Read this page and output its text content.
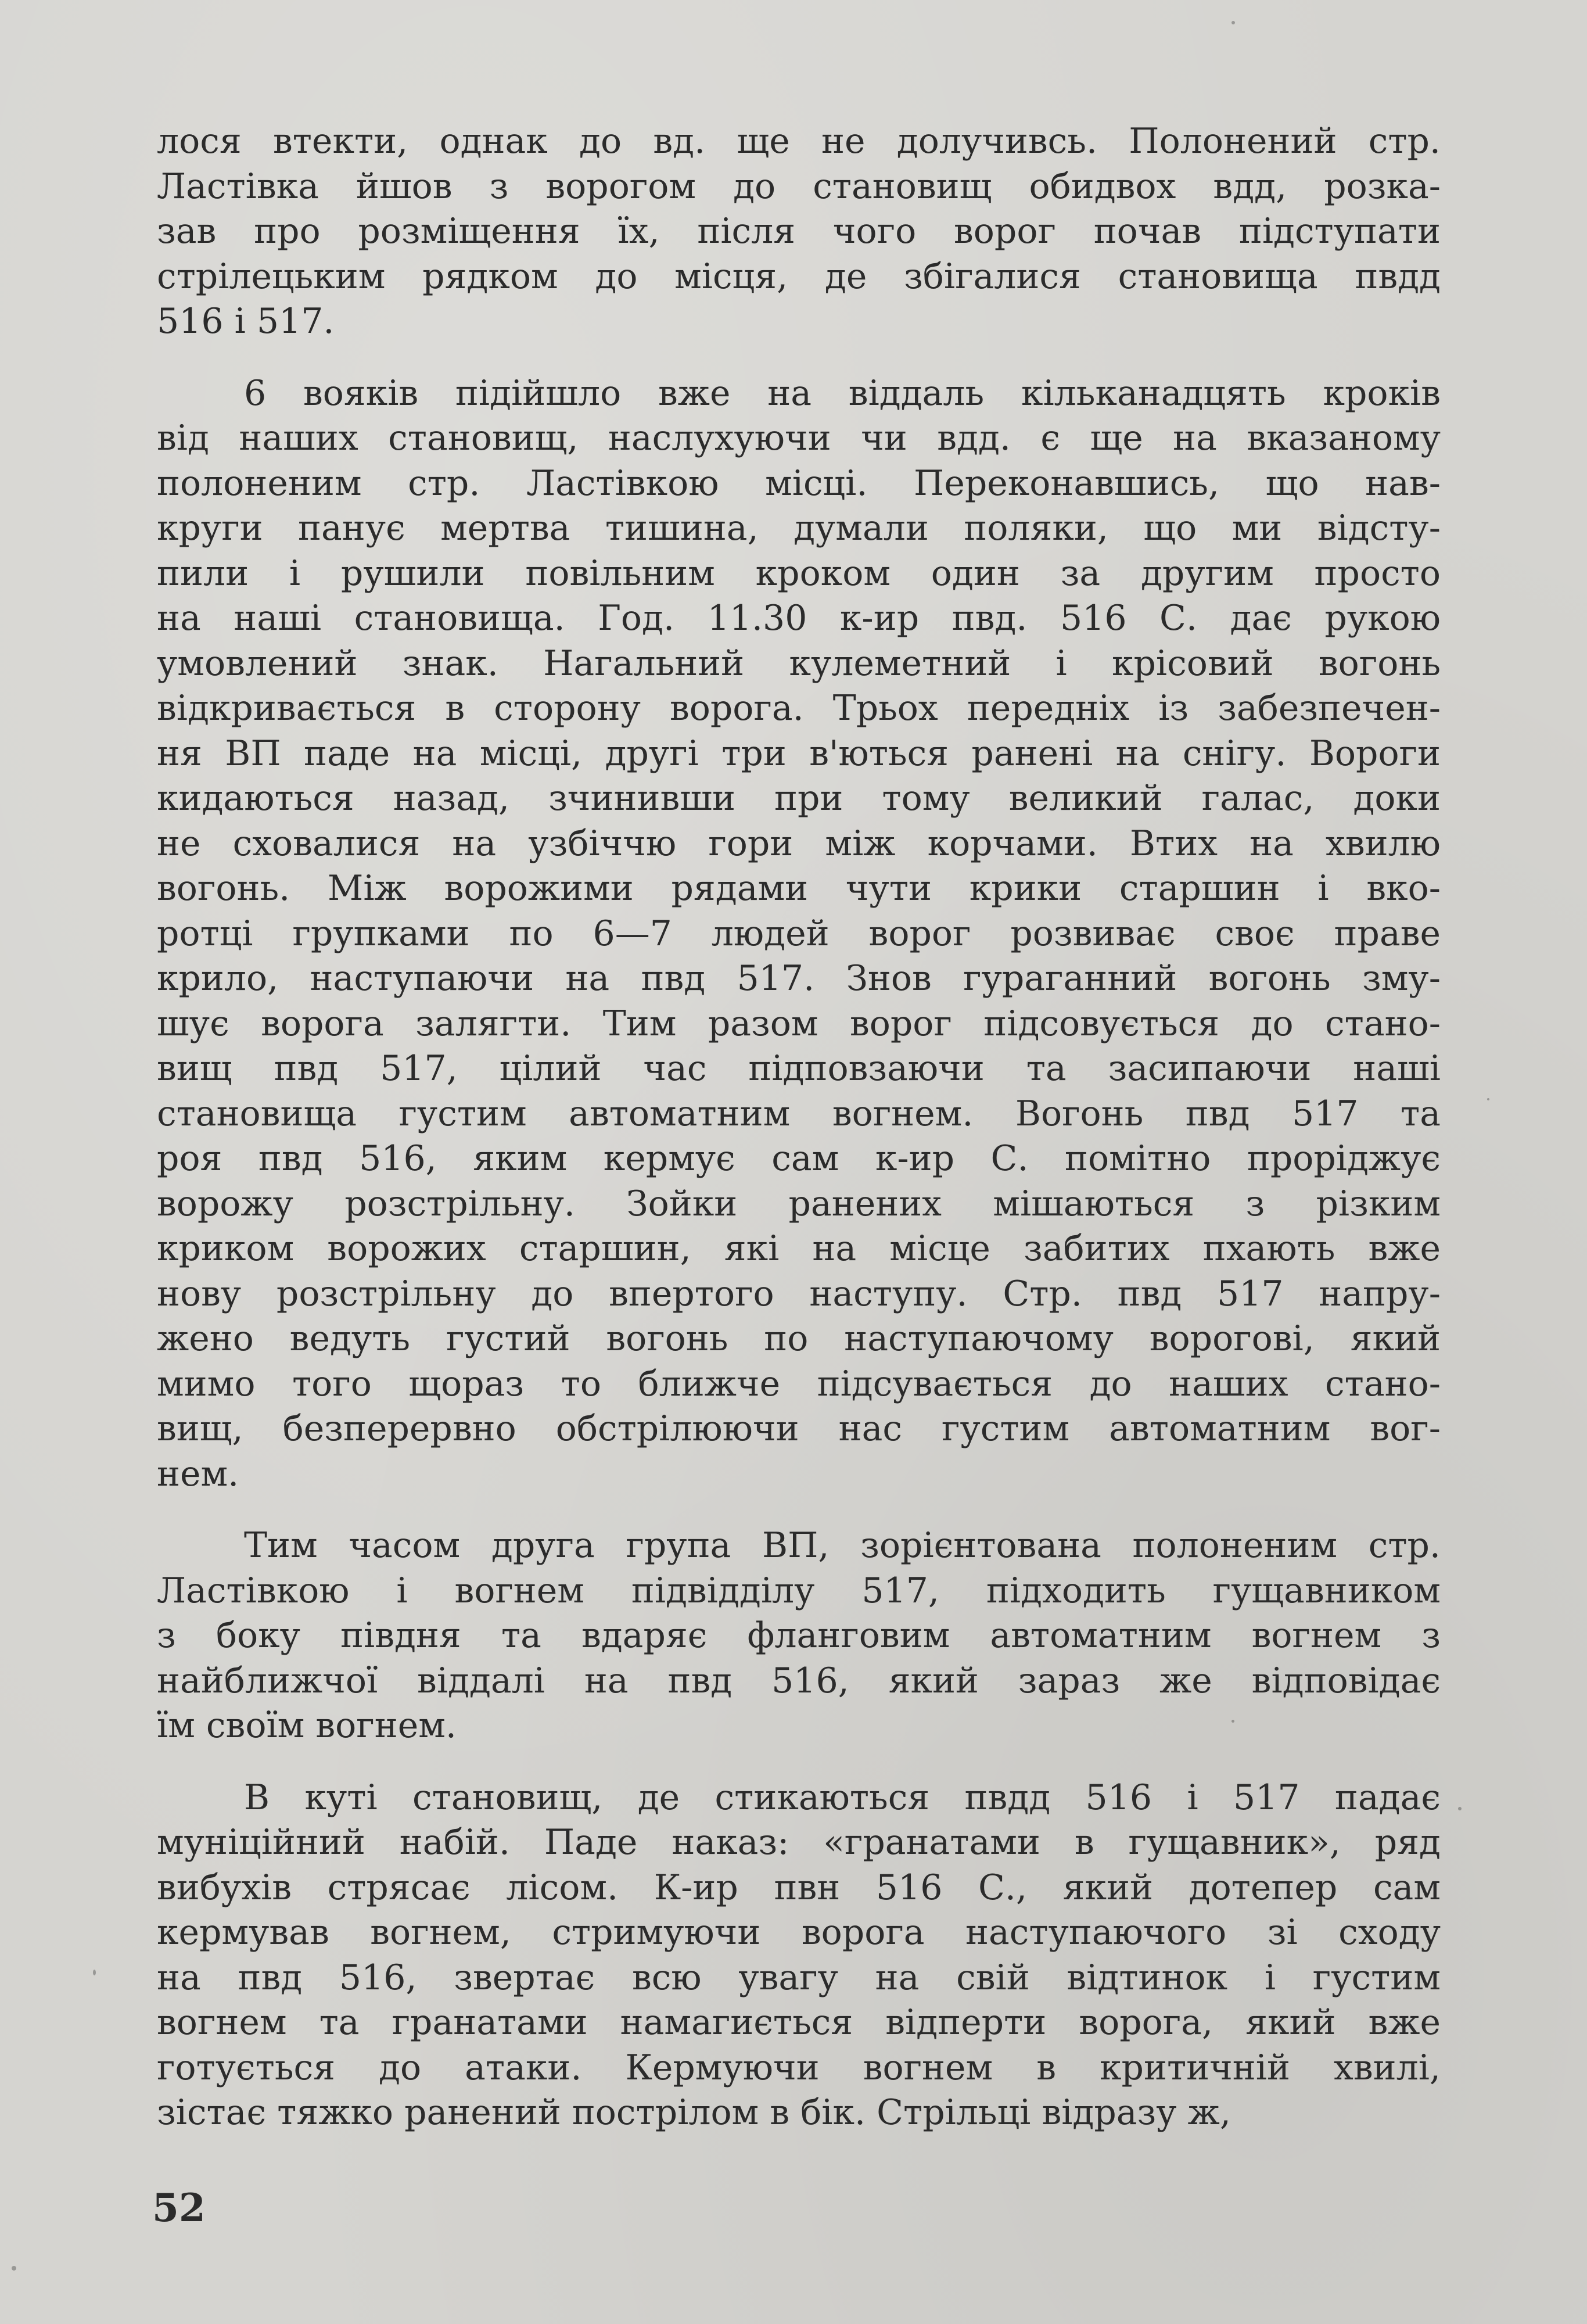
лося втекти, однак до вд. ще не долучивсь. Полонений стр.
Ластівка йшов з ворогом до становищ обидвох вдд, розка-
зав про розміщення їх, після чого ворог почав підступати
стрілецьким рядком до місця, де збігалися становища пвдд
516 і 517.
6 вояків підійшло вже на віддаль кільканадцять кроків
від наших становищ, наслухуючи чи вдд. є ще на вказаному
полоненим стр. Ластівкою місці. Переконавшись, що нав-
круги панує мертва тишина, думали поляки, що ми відсту-
пили і рушили повільним кроком один за другим просто
на наші становища. Год. 11.30 к-ир пвд. 516 С. дає рукою
умовлений знак. Нагальний кулеметний і крісовий вогонь
відкривається в сторону ворога. Трьох передніх із забезпечен-
ня ВП паде на місці, другі три в'ються ранені на снігу. Вороги
кидаються назад, зчинивши при тому великий галас, доки
не сховалися на узбіччю гори між корчами. Втих на хвилю
вогонь. Між ворожими рядами чути крики старшин і вко-
ротці групками по 6—7 людей ворог розвиває своє праве
крило, наступаючи на пвд 517. Знов гураганний вогонь зму-
шує ворога залягти. Тим разом ворог підсовується до стано-
вищ пвд 517, цілий час підповзаючи та засипаючи наші
становища густим автоматним вогнем. Вогонь пвд 517 та
роя пвд 516, яким кермує сам к-ир С. помітно проріджує
ворожу розстрільну. Зойки ранених мішаються з різким
криком ворожих старшин, які на місце забитих пхають вже
нову розстрільну до впертого наступу. Стр. пвд 517 напру-
жено ведуть густий вогонь по наступаючому ворогові, який
мимо того щораз то ближче підсувається до наших стано-
вищ, безперервно обстрілюючи нас густим автоматним вог-
нем.
Тим часом друга група ВП, зорієнтована полоненим стр.
Ластівкою і вогнем підвідділу 517, підходить гущавником
з боку півдня та вдаряє фланговим автоматним вогнем з
найближчої віддалі на пвд 516, який зараз же відповідає
їм своїм вогнем.
В куті становищ, де стикаються пвдд 516 і 517 падає
муніційний набій. Паде наказ: «гранатами в гущавник», ряд
вибухів стрясає лісом. К-ир пвн 516 С., який дотепер сам
кермував вогнем, стримуючи ворога наступаючого зі сходу
на пвд 516, звертає всю увагу на свій відтинок і густим
вогнем та гранатами намагиється відперти ворога, який вже
готується до атаки. Кермуючи вогнем в критичній хвилі,
зістає тяжко ранений пострілом в бік. Стрільці відразу ж,
52
